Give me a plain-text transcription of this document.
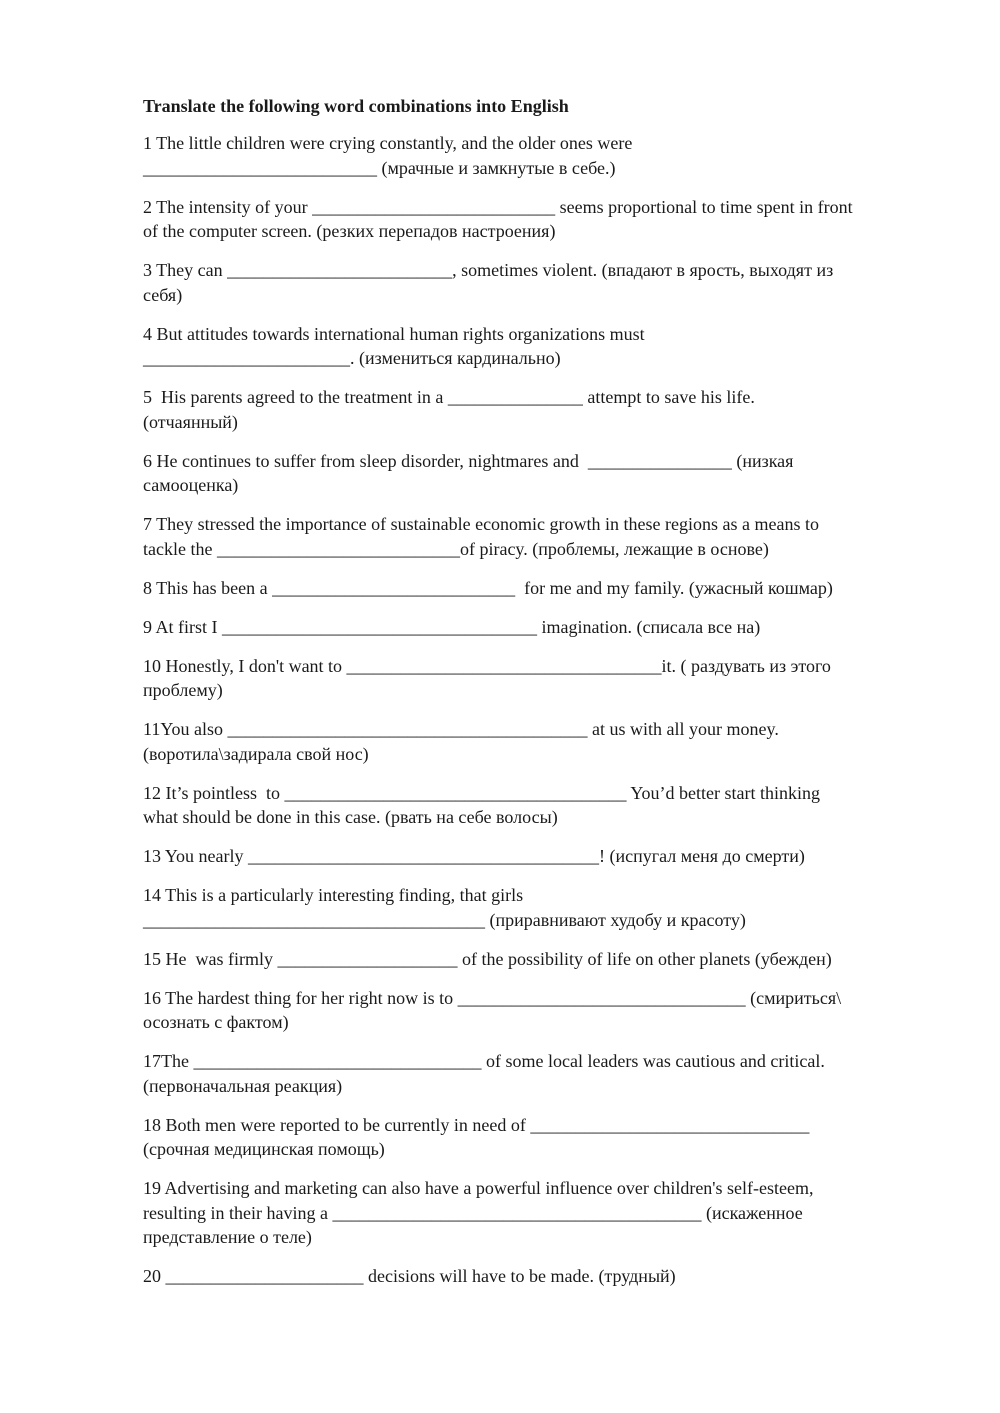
Translate the following word combinations into English
1 The little children were crying constantly, and the older ones were
__________________________ (мрачные и замкнутые в себе.)
2 The intensity of your ___________________________ seems proportional to time spent in front
of the computer screen. (резких перепадов настроения)
3 They can _________________________, sometimes violent. (впадают в ярость, выходят из
себя)
4 But attitudes towards international human rights organizations must
_______________________. (измениться кардинально)
5  His parents agreed to the treatment in a _______________ attempt to save his life.
(отчаянный)
6 He continues to suffer from sleep disorder, nightmares and  ________________ (низкая
самооценка)
7 They stressed the importance of sustainable economic growth in these regions as a means to
tackle the ___________________________of piracy. (проблемы, лежащие в основе)
8 This has been a ___________________________  for me and my family. (ужасный кошмар)
9 At first I ___________________________________ imagination. (списала все на)
10 Honestly, I don't want to ___________________________________it. ( раздувать из этого
проблему)
11You also ________________________________________ at us with all your money.
(воротила\задирала свой нос)
12 It’s pointless  to ______________________________________ You’d better start thinking
what should be done in this case. (рвать на себе волосы)
13 You nearly _______________________________________! (испугал меня до смерти)
14 This is a particularly interesting finding, that girls
______________________________________ (приравнивают худобу и красоту)
15 He  was firmly ____________________ of the possibility of life on other planets (убежден)
16 The hardest thing for her right now is to ________________________________ (смириться\
осознать с фактом)
17The ________________________________ of some local leaders was cautious and critical.
(первоначальная реакция)
18 Both men were reported to be currently in need of _______________________________
(срочная медицинская помощь)
19 Advertising and marketing can also have a powerful influence over children's self-esteem,
resulting in their having a _________________________________________ (искаженное
представление о теле)
20 ______________________ decisions will have to be made. (трудный)
